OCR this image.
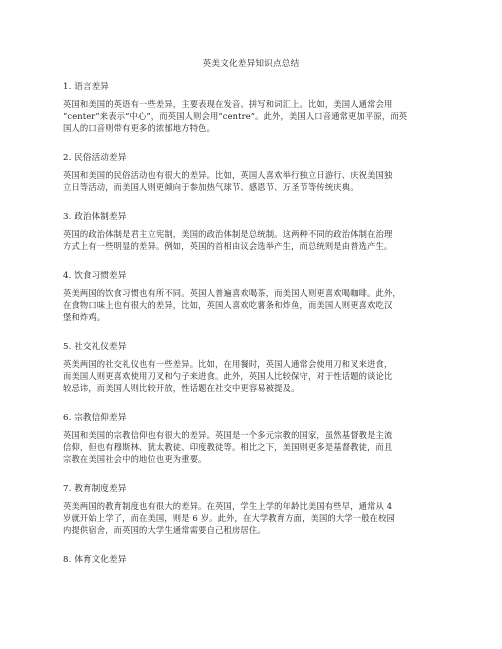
英美文化差异知识点总结
1. 语言差异
英国和美国的英语有一些差异，主要表现在发音、拼写和词汇上。比如，美国人通常会用
“center”来表示“中心”，而英国人则会用“centre”。此外，美国人口音通常更加平原，而英
国人的口音则带有更多的浓郁地方特色。
2. 民俗活动差异
英国和美国的民俗活动也有很大的差异。比如，英国人喜欢举行独立日游行、庆祝美国独
立日等活动，而美国人则更倾向于参加热气球节、感恩节、万圣节等传统庆典。
3. 政治体制差异
英国的政治体制是君主立宪制，美国的政治体制是总统制。这两种不同的政治体制在治理
方式上有一些明显的差异。例如，英国的首相由议会选举产生，而总统则是由普选产生。
4. 饮食习惯差异
英美两国的饮食习惯也有所不同。英国人普遍喜欢喝茶，而美国人则更喜欢喝咖啡。此外，
在食物口味上也有很大的差异，比如，英国人喜欢吃薯条和炸鱼，而美国人则更喜欢吃汉
堡和炸鸡。
5. 社交礼仪差异
英美两国的社交礼仪也有一些差异。比如，在用餐时，英国人通常会使用刀和叉来进食，
而美国人则更喜欢使用刀叉和勺子来进食。此外，英国人比较保守，对于性话题的谈论比
较忌讳，而美国人则比较开放，性话题在社交中更容易被提及。
6. 宗教信仰差异
英国和美国的宗教信仰也有很大的差异。英国是一个多元宗教的国家，虽然基督教是主流
信仰，但也有穆斯林、犹太教徒、印度教徒等。相比之下，美国则更多是基督教徒，而且
宗教在美国社会中的地位也更为重要。
7. 教育制度差异
英美两国的教育制度也有很大的差异。在英国，学生上学的年龄比美国有些早，通常从 4
岁就开始上学了，而在美国，则是 6 岁。此外，在大学教育方面，美国的大学一般在校园
内提供宿舍，而英国的大学生通常需要自己租房居住。
8. 体育文化差异
